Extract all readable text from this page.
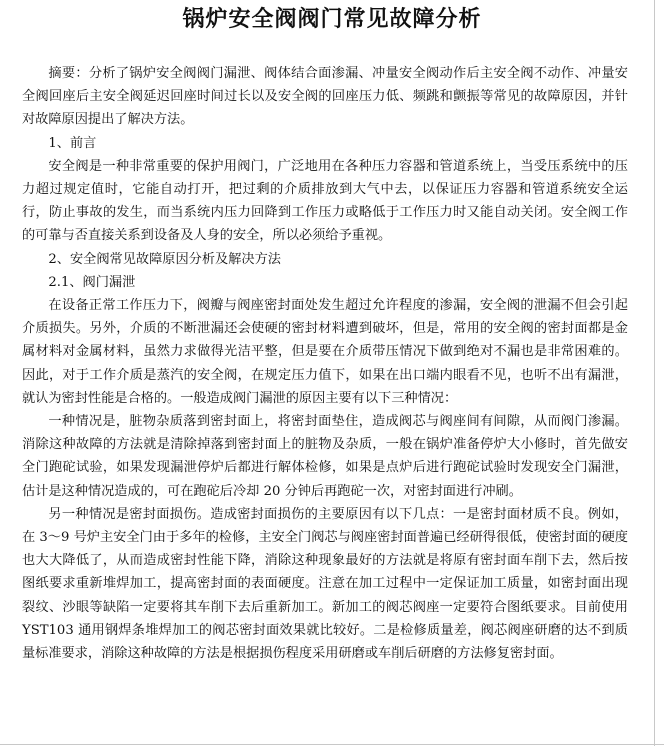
锅炉安全阀阀门常见故障分析

摘要：分析了锅炉安全阀阀门漏泄、阀体结合面渗漏、冲量安全阀动作后主安全阀不动作、冲量安全阀回座后主安全阀延迟回座时间过长以及安全阀的回座压力低、频跳和颤振等常见的故障原因，并针对故障原因提出了解决方法。

1、前言

安全阀是一种非常重要的保护用阀门，广泛地用在各种压力容器和管道系统上，当受压系统中的压力超过规定值时，它能自动打开，把过剩的介质排放到大气中去，以保证压力容器和管道系统安全运行，防止事故的发生，而当系统内压力回降到工作压力或略低于工作压力时又能自动关闭。安全阀工作的可靠与否直接关系到设备及人身的安全，所以必须给予重视。

2、安全阀常见故障原因分析及解决方法

2.1、阀门漏泄

在设备正常工作压力下，阀瓣与阀座密封面处发生超过允许程度的渗漏，安全阀的泄漏不但会引起介质损失。另外，介质的不断泄漏还会使硬的密封材料遭到破坏，但是，常用的安全阀的密封面都是金属材料对金属材料，虽然力求做得光洁平整，但是要在介质带压情况下做到绝对不漏也是非常困难的。因此，对于工作介质是蒸汽的安全阀，在规定压力值下，如果在出口端内眼看不见，也听不出有漏泄，就认为密封性能是合格的。一般造成阀门漏泄的原因主要有以下三种情况：

一种情况是，脏物杂质落到密封面上，将密封面垫住，造成阀芯与阀座间有间隙，从而阀门渗漏。消除这种故障的方法就是清除掉落到密封面上的脏物及杂质，一般在锅炉准备停炉大小修时，首先做安全门跑砣试验，如果发现漏泄停炉后都进行解体检修，如果是点炉后进行跑砣试验时发现安全门漏泄，估计是这种情况造成的，可在跑砣后冷却 20 分钟后再跑砣一次，对密封面进行冲刷。

另一种情况是密封面损伤。造成密封面损伤的主要原因有以下几点：一是密封面材质不良。例如，在 3～9 号炉主安全门由于多年的检修，主安全门阀芯与阀座密封面普遍已经研得很低，使密封面的硬度也大大降低了，从而造成密封性能下降，消除这种现象最好的方法就是将原有密封面车削下去，然后按图纸要求重新堆焊加工，提高密封面的表面硬度。注意在加工过程中一定保证加工质量，如密封面出现裂纹、沙眼等缺陷一定要将其车削下去后重新加工。新加工的阀芯阀座一定要符合图纸要求。目前使用 YST103 通用钢焊条堆焊加工的阀芯密封面效果就比较好。二是检修质量差，阀芯阀座研磨的达不到质量标准要求，消除这种故障的方法是根据损伤程度采用研磨或车削后研磨的方法修复密封面。
